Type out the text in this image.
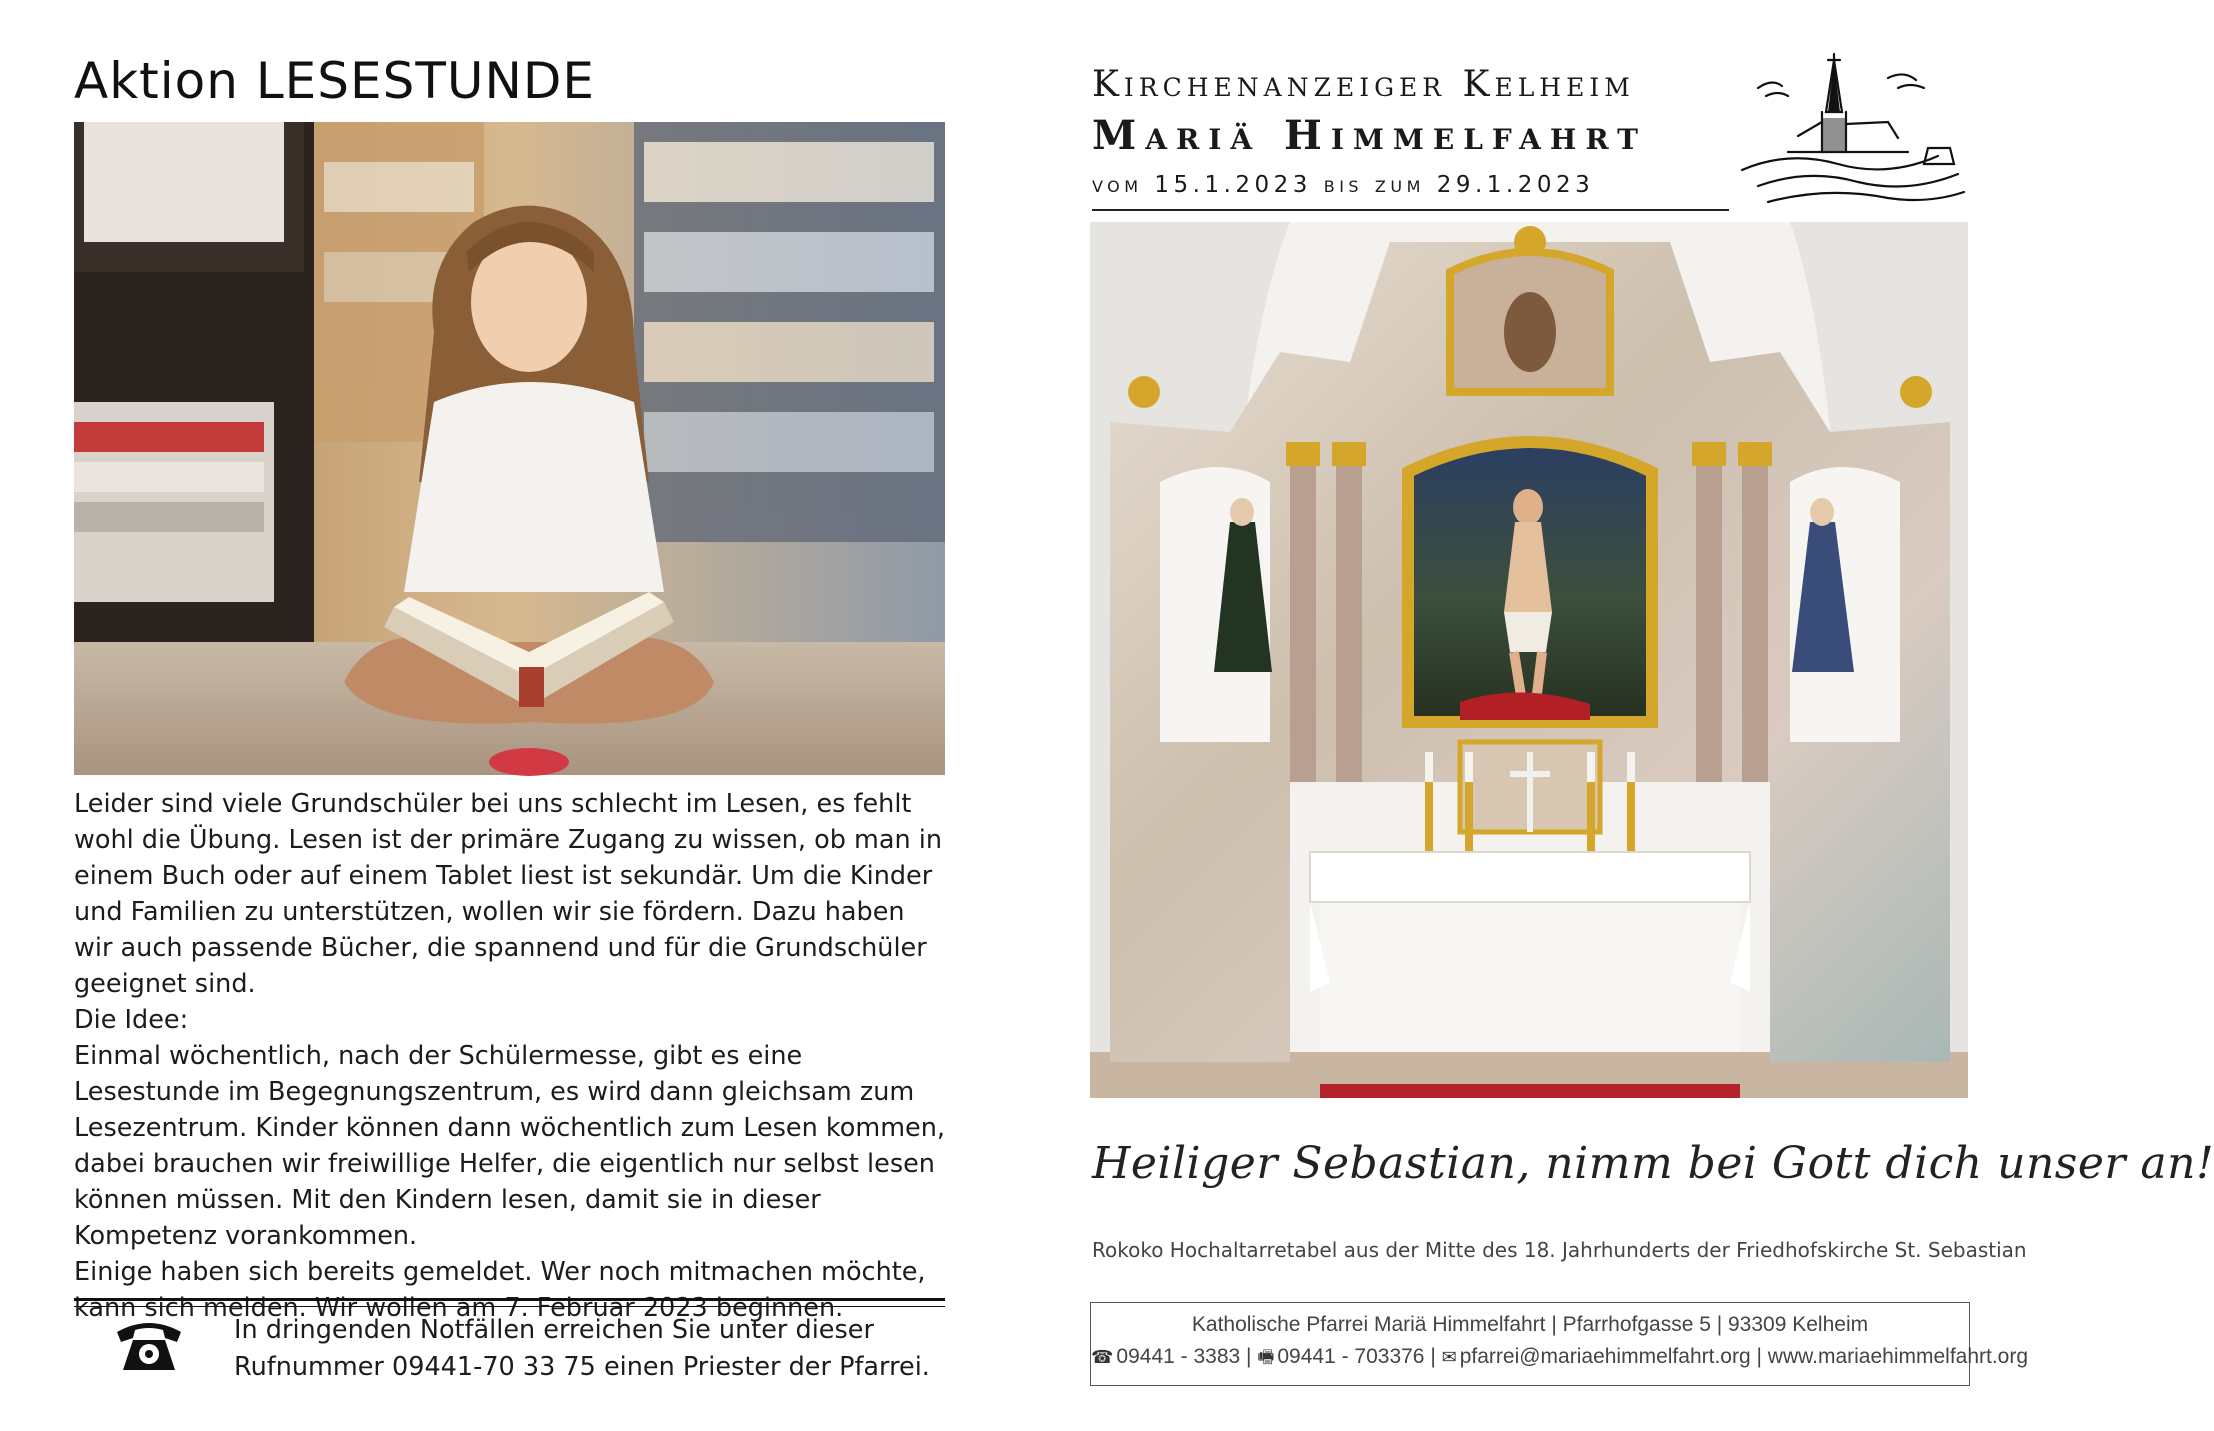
Aktion LESESTUNDE

Leider sind viele Grundschüler bei uns schlecht im Lesen, es fehlt wohl die Übung. Lesen ist der primäre Zugang zu wissen, ob man in einem Buch oder auf einem Tablet liest ist sekundär. Um die Kinder und Familien zu unterstützen, wollen wir sie fördern. Dazu haben wir auch passende Bücher, die spannend und für die Grundschüler geeignet sind.

Die Idee:

Einmal wöchentlich, nach der Schülermesse, gibt es eine Lesestunde im Begegnungszentrum, es wird dann gleichsam zum Lesezentrum. Kinder können dann wöchentlich zum Lesen kommen, dabei brauchen wir freiwillige Helfer, die eigentlich nur selbst lesen können müssen. Mit den Kindern lesen, damit sie in dieser Kompetenz vorankommen.

Einige haben sich bereits gemeldet. Wer noch mitmachen möchte, kann sich melden. Wir wollen am 7. Februar 2023 beginnen.

In dringenden Notfällen erreichen Sie unter dieser

Rufnummer 09441-70 33 75 einen Priester der Pfarrei.

Kirchenanzeiger Kelheim
Mariä Himmelfahrt
vom 15.1.2023 bis zum 29.1.2023
Heiliger Sebastian, nimm bei Gott dich unser an!
Rokoko Hochaltarretabel aus der Mitte des 18. Jahrhunderts der Friedhofskirche St. Sebastian
Katholische Pfarrei Mariä Himmelfahrt | Pfarrhofgasse 5 | 93309 Kelheim
☎ 09441 - 3383 | 🖷 09441 - 703376 | ✉ pfarrei@mariaehimmelfahrt.org | www.mariaehimmelfahrt.org
